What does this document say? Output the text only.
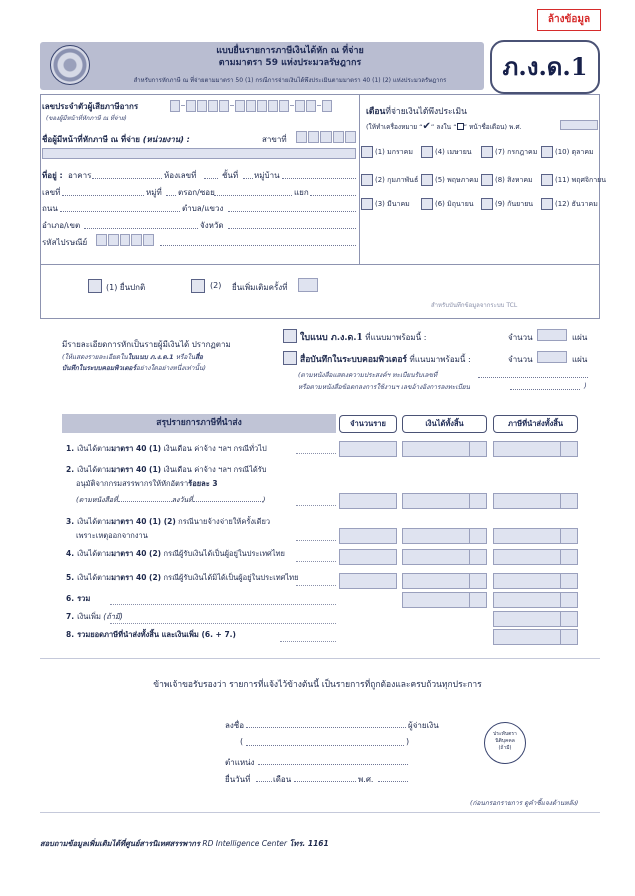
ล้างข้อมูล
แบบยื่นรายการภาษีเงินได้หัก ณ ที่จ่าย
ตามมาตรา 59 แห่งประมวลรัษฎากร
สำหรับการหักภาษี ณ ที่จ่ายตามมาตรา 50 (1) กรณีการจ่ายเงินได้พึงประเมินตามมาตรา 40 (1) (2) แห่งประมวลรัษฎากร	ภ.ง.ด.1
เลขประจำตัวผู้เสียภาษีอากร
(ของผู้มีหน้าที่หักภาษี ณ ที่จ่าย)
ชื่อผู้มีหน้าที่หักภาษี ณ ที่จ่าย (หน่วยงาน) :	สาขาที่
ที่อยู่ : อาคาร	ห้องเลขที่	ชั้นที่ หมู่บ้าน
เลขที่	หมู่ที่ ตรอก/ซอย	แยก
ถนน	ตำบล/แขวง
อำเภอ/เขต	จังหวัด
รหัสไปรษณีย์
เดือนที่จ่ายเงินได้พึงประเมิน
(ให้ทำเครื่องหมาย “ ✔ ” ลงใน “ ” หน้าชื่อเดือน) พ.ศ.
(1) มกราคม	(4) เมษายน	(7) กรกฎาคม	(10) ตุลาคม
(2) กุมภาพันธ์ (5) พฤษภาคม (8) สิงหาคม	(11) พฤศจิกายน
(3) มีนาคม	(6) มิถุนายน	(9) กันยายน	(12) ธันวาคม
สำหรับบันทึกข้อมูลจากระบบ TCL
(1) ยื่นปกติ	(2) ยื่นเพิ่มเติมครั้งที่
มีรายละเอียดการหักเป็นรายผู้มีเงินได้ ปรากฏตาม
(ให้แสดงรายละเอียดในใบแนบ ภ.ง.ด.1 หรือในสื่อ
บันทึกในระบบคอมพิวเตอร์อย่างใดอย่างหนึ่งเท่านั้น)
ใบแนบ ภ.ง.ด.1 ที่แนบมาพร้อมนี้ :	จำนวน	แผ่น
สื่อบันทึกในระบบคอมพิวเตอร์ ที่แนบมาพร้อมนี้ :	จำนวน	แผ่น
(ตามหนังสือแสดงความประสงค์ฯ ทะเบียนรับเลขที่
หรือตามหนังสือข้อตกลงการใช้งานฯ เลขอ้างอิงการลงทะเบียน	)
สรุปรายการภาษีที่นำส่ง	จำนวนราย	เงินได้ทั้งสิ้น	ภาษีที่นำส่งทั้งสิ้น
1. เงินได้ตามมาตรา 40 (1) เงินเดือน ค่าจ้าง ฯลฯ กรณีทั่วไป
2. เงินได้ตามมาตรา 40 (1) เงินเดือน ค่าจ้าง ฯลฯ กรณีได้รับ
อนุมัติจากกรมสรรพากรให้หักอัตราร้อยละ 3
(ตามหนังสือที่	ลงวันที่	)
3. เงินได้ตามมาตรา 40 (1) (2) กรณีนายจ้างจ่ายให้ครั้งเดียว
เพราะเหตุออกจากงาน
4. เงินได้ตามมาตรา 40 (2) กรณีผู้รับเงินได้เป็นผู้อยู่ในประเทศไทย
5. เงินได้ตามมาตรา 40 (2) กรณีผู้รับเงินได้มิได้เป็นผู้อยู่ในประเทศไทย
6. รวม
7. เงินเพิ่ม (ถ้ามี)
8. รวมยอดภาษีที่นำส่งทั้งสิ้น และเงินเพิ่ม (6. + 7.)
ข้าพเจ้าขอรับรองว่า รายการที่แจ้งไว้ข้างต้นนี้ เป็นรายการที่ถูกต้องและครบถ้วนทุกประการ
ลงชื่อ	ผู้จ่ายเงิน
(	)
ตำแหน่ง
ยื่นวันที่	เดือน	พ.ศ.
ประทับตรา
นิติบุคคล
(ถ้ามี)
(ก่อนกรอกรายการ ดูคำชี้แจงด้านหลัง)
สอบถามข้อมูลเพิ่มเติมได้ที่ศูนย์สารนิเทศสรรพากร RD Intelligence Center โทร. 1161
